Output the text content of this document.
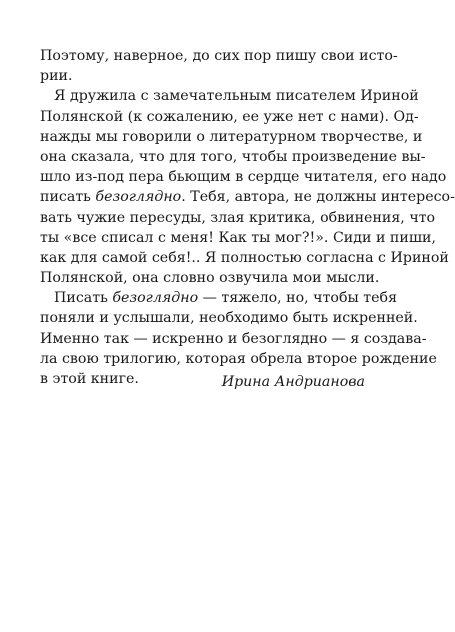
Поэтому, наверное, до сих пор пишу свои исто-
рии.
Я дружила с замечательным писателем Ириной
Полянской (к сожалению, ее уже нет с нами). Од-
нажды мы говорили о литературном творчестве, и
она сказала, что для того, чтобы произведение вы-
шло из-под пера бьющим в сердце читателя, его надо
писать безоглядно. Тебя, автора, не должны интересо-
вать чужие пересуды, злая критика, обвинения, что
ты «все списал с меня! Как ты мог?!». Сиди и пиши,
как для самой себя!.. Я полностью согласна с Ириной
Полянской, она словно озвучила мои мысли.
Писать безоглядно — тяжело, но, чтобы тебя
поняли и услышали, необходимо быть искренней.
Именно так — искренно и безоглядно — я создава-
ла свою трилогию, которая обрела второе рождение
в этой книге.	Ирина Андрианова
